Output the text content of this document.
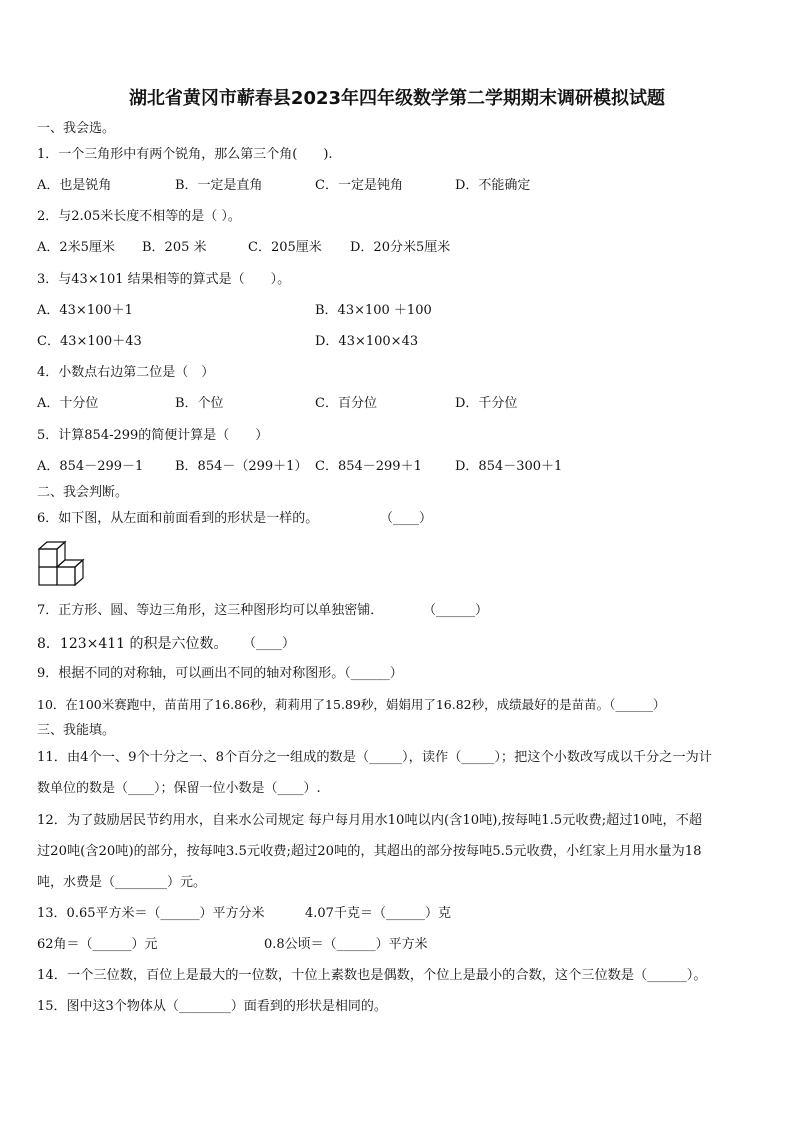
湖北省黄冈市蕲春县2023年四年级数学第二学期期末调研模拟试题
一、我会选。
1．一个三角形中有两个锐角，那么第三个角(　　).
A．也是锐角	B．一定是直角	C．一定是钝角	D．不能确定
2．与2.05米长度不相等的是（ ）。
A．2米5厘米 B．205 米	C．205厘米 D．20分米5厘米
3．与43×101 结果相等的算式是（　　）。
A．43×100＋1	B．43×100 ＋100
C．43×100＋43	D．43×100×43
4．小数点右边第二位是（　）
A．十分位	B．个位	C．百分位	D．千分位
5．计算854-299的简便计算是（　　）
A．854－299－1 B．854－（299＋1） C．854－299＋1	D．854－300＋1
二、我会判断。
6．如下图，从左面和前面看到的形状是一样的。	（____）
7．正方形、圆、等边三角形，这三种图形均可以单独密铺．	（______）
8．123×411 的积是六位数。 （____）
9．根据不同的对称轴，可以画出不同的轴对称图形。（______）
10．在100米赛跑中，苗苗用了16.86秒，莉莉用了15.89秒，娟娟用了16.82秒，成绩最好的是苗苗。（______）
三、我能填。
11．由4个一、9个十分之一、8个百分之一组成的数是（_____），读作（_____）；把这个小数改写成以千分之一为计
数单位的数是（____）；保留一位小数是（____）.
12．为了鼓励居民节约用水，自来水公司规定 每户每月用水10吨以内(含10吨),按每吨1.5元收费;超过10吨，不超
过20吨(含20吨)的部分，按每吨3.5元收费;超过20吨的，其超出的部分按每吨5.5元收费，小红家上月用水量为18
吨，水费是（________）元。
13．0.65平方米＝（______）平方分米	4.07千克＝（______）克
62角＝（______）元	0.8公顷＝（______）平方米
14．一个三位数，百位上是最大的一位数，十位上素数也是偶数，个位上是最小的合数，这个三位数是（______）。
15．图中这3个物体从（________）面看到的形状是相同的。
